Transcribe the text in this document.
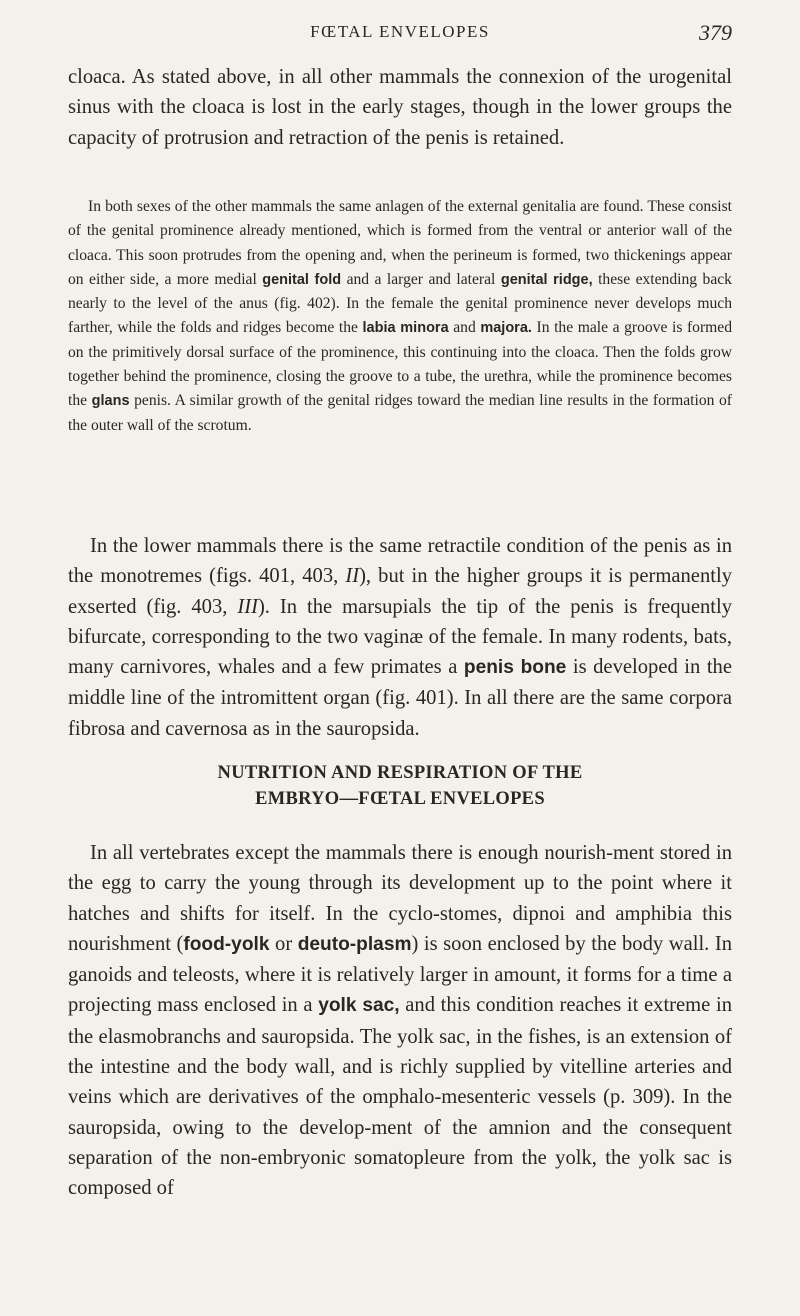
FŒTAL ENVELOPES	379

cloaca. As stated above, in all other mammals the connexion of the urogenital sinus with the cloaca is lost in the early stages, though in the lower groups the capacity of protrusion and retraction of the penis is retained.

In both sexes of the other mammals the same anlagen of the external genitalia are found. These consist of the genital prominence already mentioned, which is formed from the ventral or anterior wall of the cloaca. This soon protrudes from the opening and, when the perineum is formed, two thickenings appear on either side, a more medial genital fold and a larger and lateral genital ridge, these extending back nearly to the level of the anus (fig. 402). In the female the genital prominence never develops much farther, while the folds and ridges become the labia minora and majora. In the male a groove is formed on the primitively dorsal surface of the prominence, this continuing into the cloaca. Then the folds grow together behind the prominence, closing the groove to a tube, the urethra, while the prominence becomes the glans penis. A similar growth of the genital ridges toward the median line results in the formation of the outer wall of the scrotum.

In the lower mammals there is the same retractile condition of the penis as in the monotremes (figs. 401, 403, II), but in the higher groups it is permanently exserted (fig. 403, III). In the marsupials the tip of the penis is frequently bifurcate, corresponding to the two vaginæ of the female. In many rodents, bats, many carnivores, whales and a few primates a penis bone is developed in the middle line of the intromittent organ (fig. 401). In all there are the same corpora fibrosa and cavernosa as in the sauropsida.

NUTRITION AND RESPIRATION OF THE
EMBRYO—FŒTAL ENVELOPES

In all vertebrates except the mammals there is enough nourish-ment stored in the egg to carry the young through its development up to the point where it hatches and shifts for itself. In the cyclo-stomes, dipnoi and amphibia this nourishment (food-yolk or deuto-plasm) is soon enclosed by the body wall. In ganoids and teleosts, where it is relatively larger in amount, it forms for a time a projecting mass enclosed in a yolk sac, and this condition reaches it extreme in the elasmobranchs and sauropsida. The yolk sac, in the fishes, is an extension of the intestine and the body wall, and is richly supplied by vitelline arteries and veins which are derivatives of the omphalo-mesenteric vessels (p. 309). In the sauropsida, owing to the develop-ment of the amnion and the consequent separation of the non-embryonic somatopleure from the yolk, the yolk sac is composed of
